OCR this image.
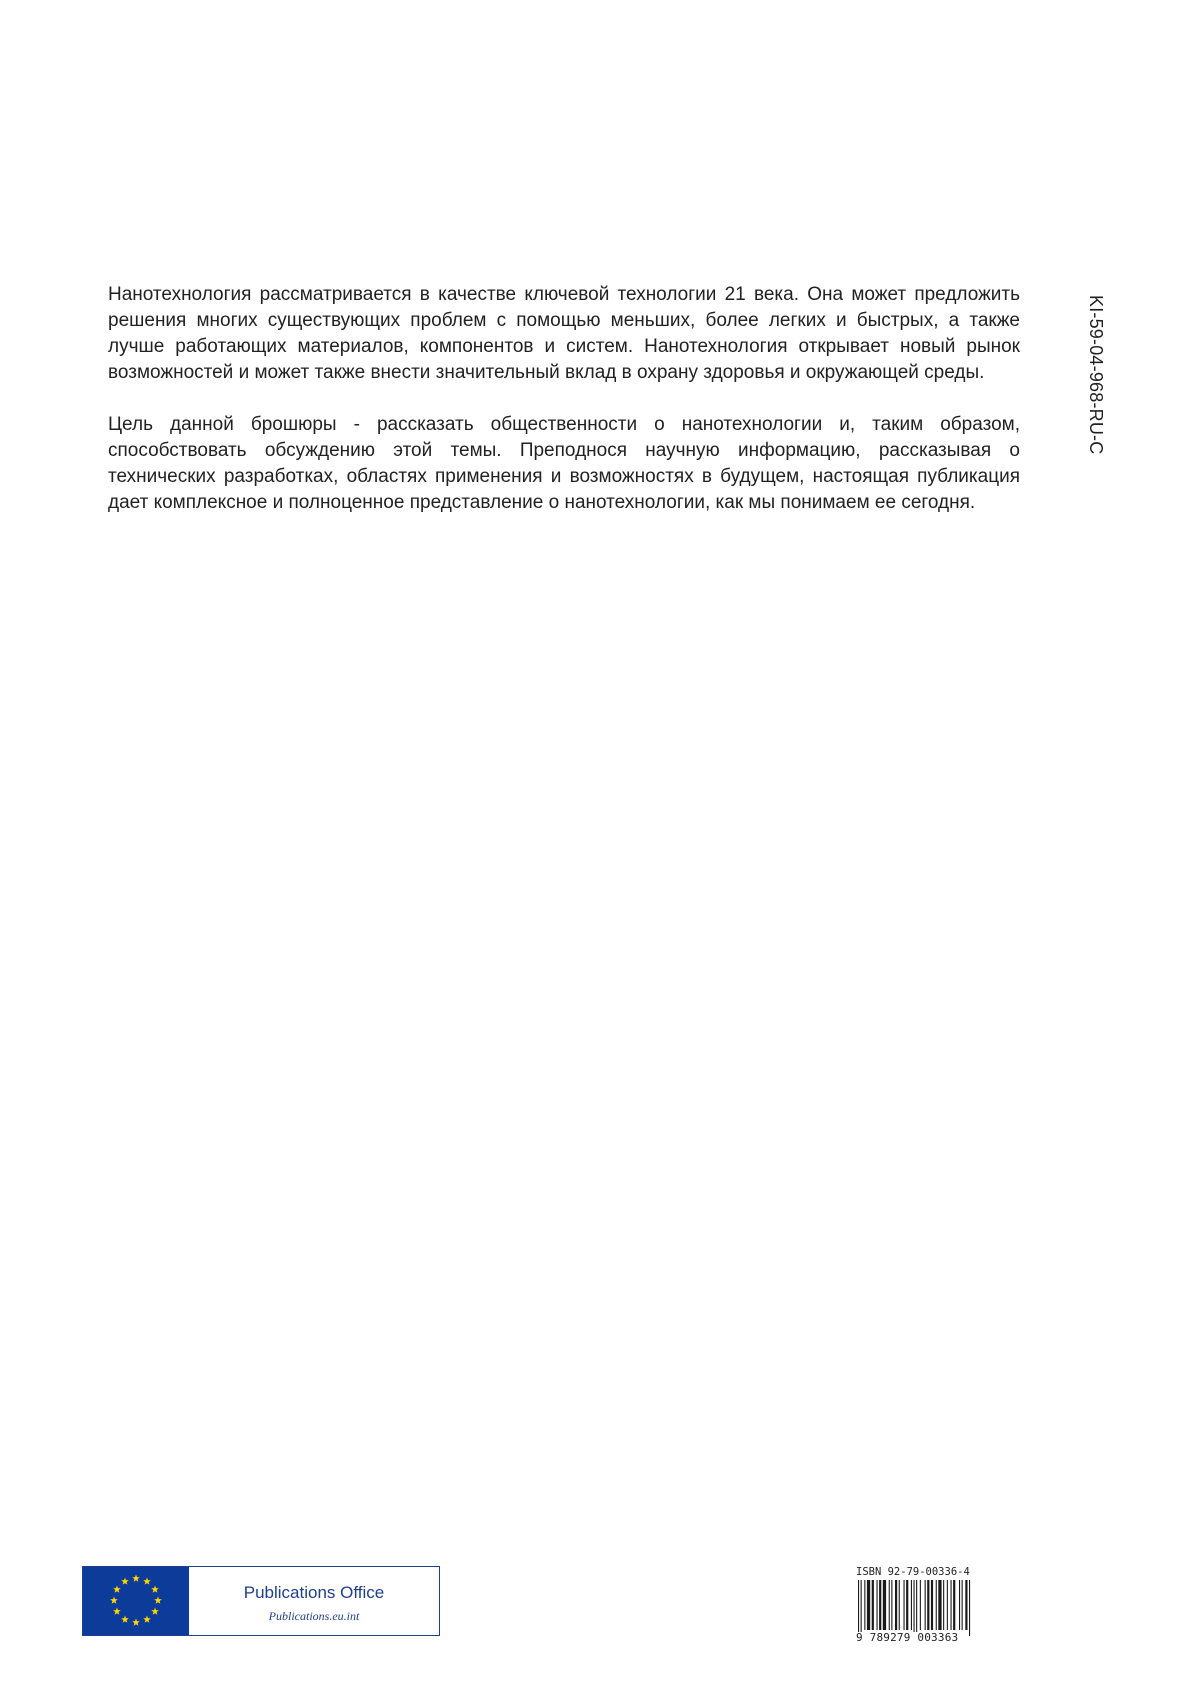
Нанотехнология рассматривается в качестве ключевой технологии 21 века. Она может предложить решения многих существующих проблем с помощью меньших, более легких и быстрых, а также лучше работающих материалов, компонентов и систем. Нанотехнология открывает новый рынок возможностей и может также внести значительный вклад в охрану здоровья и окружающей среды.

Цель данной брошюры - рассказать общественности о нанотехнологии и, таким образом, способствовать обсуждению этой темы. Преподнося научную информацию, рассказывая о технических разработках, областях применения и возможностях в будущем, настоящая публикация дает комплексное и полноценное представление о нанотехнологии, как мы понимаем ее сегодня.

KI-59-04-968-RU-C
Publications Office
Publications.eu.int
ISBN 92-79-00336-4
9 789279 003363
